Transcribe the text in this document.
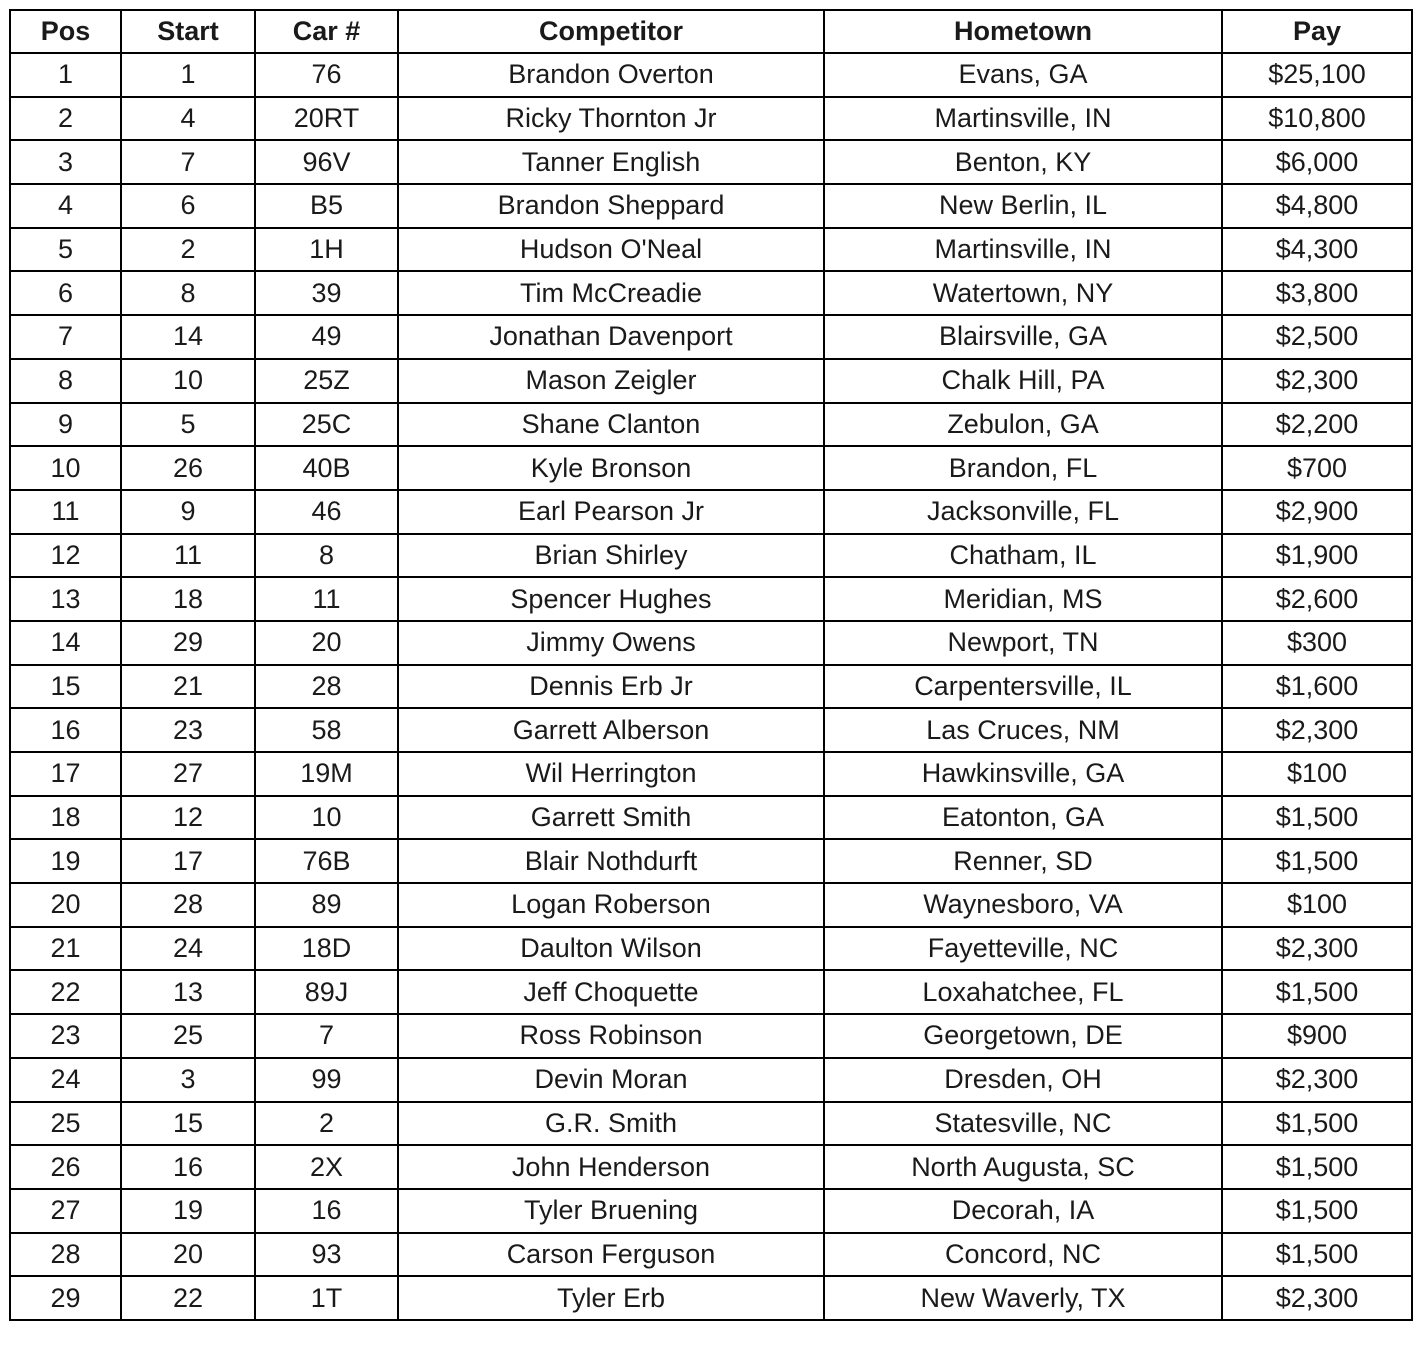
Pos	Start	Car #	Competitor	Hometown	Pay
1	1	76	Brandon Overton	Evans, GA	$25,100
2	4	20RT	Ricky Thornton Jr	Martinsville, IN	$10,800
3	7	96V	Tanner English	Benton, KY	$6,000
4	6	B5	Brandon Sheppard	New Berlin, IL	$4,800
5	2	1H	Hudson O'Neal	Martinsville, IN	$4,300
6	8	39	Tim McCreadie	Watertown, NY	$3,800
7	14	49	Jonathan Davenport	Blairsville, GA	$2,500
8	10	25Z	Mason Zeigler	Chalk Hill, PA	$2,300
9	5	25C	Shane Clanton	Zebulon, GA	$2,200
10	26	40B	Kyle Bronson	Brandon, FL	$700
11	9	46	Earl Pearson Jr	Jacksonville, FL	$2,900
12	11	8	Brian Shirley	Chatham, IL	$1,900
13	18	11	Spencer Hughes	Meridian, MS	$2,600
14	29	20	Jimmy Owens	Newport, TN	$300
15	21	28	Dennis Erb Jr	Carpentersville, IL	$1,600
16	23	58	Garrett Alberson	Las Cruces, NM	$2,300
17	27	19M	Wil Herrington	Hawkinsville, GA	$100
18	12	10	Garrett Smith	Eatonton, GA	$1,500
19	17	76B	Blair Nothdurft	Renner, SD	$1,500
20	28	89	Logan Roberson	Waynesboro, VA	$100
21	24	18D	Daulton Wilson	Fayetteville, NC	$2,300
22	13	89J	Jeff Choquette	Loxahatchee, FL	$1,500
23	25	7	Ross Robinson	Georgetown, DE	$900
24	3	99	Devin Moran	Dresden, OH	$2,300
25	15	2	G.R. Smith	Statesville, NC	$1,500
26	16	2X	John Henderson	North Augusta, SC	$1,500
27	19	16	Tyler Bruening	Decorah, IA	$1,500
28	20	93	Carson Ferguson	Concord, NC	$1,500
29	22	1T	Tyler Erb	New Waverly, TX	$2,300
